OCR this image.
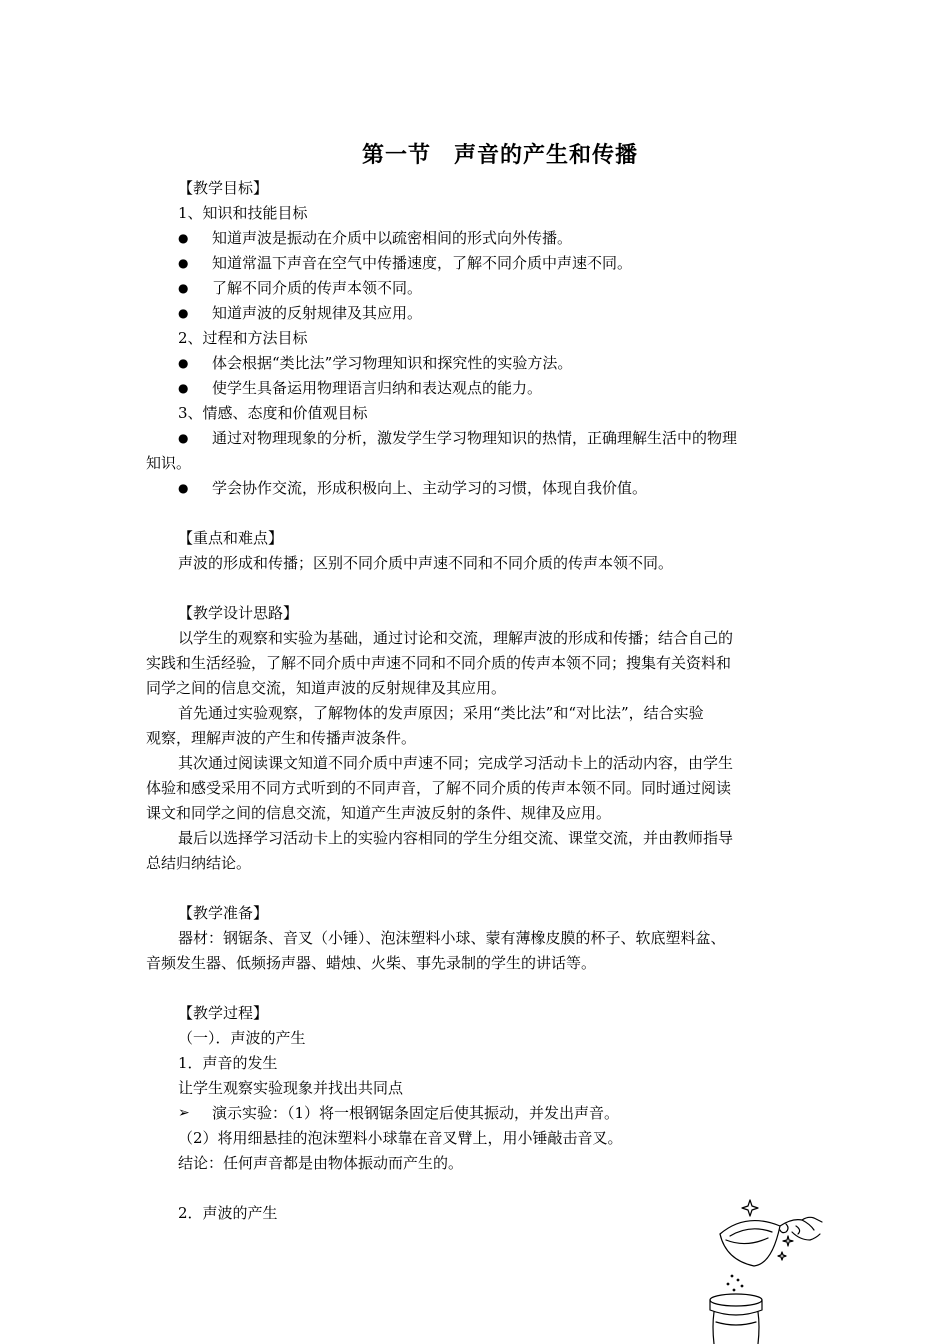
第一节　声音的产生和传播
【教学目标】
1、知识和技能目标
● 知道声波是振动在介质中以疏密相间的形式向外传播。
● 知道常温下声音在空气中传播速度，了解不同介质中声速不同。
● 了解不同介质的传声本领不同。
● 知道声波的反射规律及其应用。
2、过程和方法目标
● 体会根据“类比法”学习物理知识和探究性的实验方法。
● 使学生具备运用物理语言归纳和表达观点的能力。
3、情感、态度和价值观目标
● 通过对物理现象的分析，激发学生学习物理知识的热情，正确理解生活中的物理
知识。
● 学会协作交流，形成积极向上、主动学习的习惯，体现自我价值。
【重点和难点】
声波的形成和传播；区别不同介质中声速不同和不同介质的传声本领不同。
【教学设计思路】
以学生的观察和实验为基础，通过讨论和交流，理解声波的形成和传播；结合自己的
实践和生活经验，了解不同介质中声速不同和不同介质的传声本领不同；搜集有关资料和
同学之间的信息交流，知道声波的反射规律及其应用。
首先通过实验观察，了解物体的发声原因；采用“类比法”和“对比法”，结合实验
观察，理解声波的产生和传播声波条件。
其次通过阅读课文知道不同介质中声速不同；完成学习活动卡上的活动内容，由学生
体验和感受采用不同方式听到的不同声音，了解不同介质的传声本领不同。同时通过阅读
课文和同学之间的信息交流，知道产生声波反射的条件、规律及应用。
最后以选择学习活动卡上的实验内容相同的学生分组交流、课堂交流，并由教师指导
总结归纳结论。
【教学准备】
器材：钢锯条、音叉（小锤）、泡沫塑料小球、蒙有薄橡皮膜的杯子、软底塑料盆、
音频发生器、低频扬声器、蜡烛、火柴、事先录制的学生的讲话等。
【教学过程】
（一）．声波的产生
1．声音的发生
让学生观察实验现象并找出共同点
➢ 演示实验：（1）将一根钢锯条固定后使其振动，并发出声音。
（2）将用细悬挂的泡沫塑料小球靠在音叉臂上，用小锤敲击音叉。
结论：任何声音都是由物体振动而产生的。
2．声波的产生
